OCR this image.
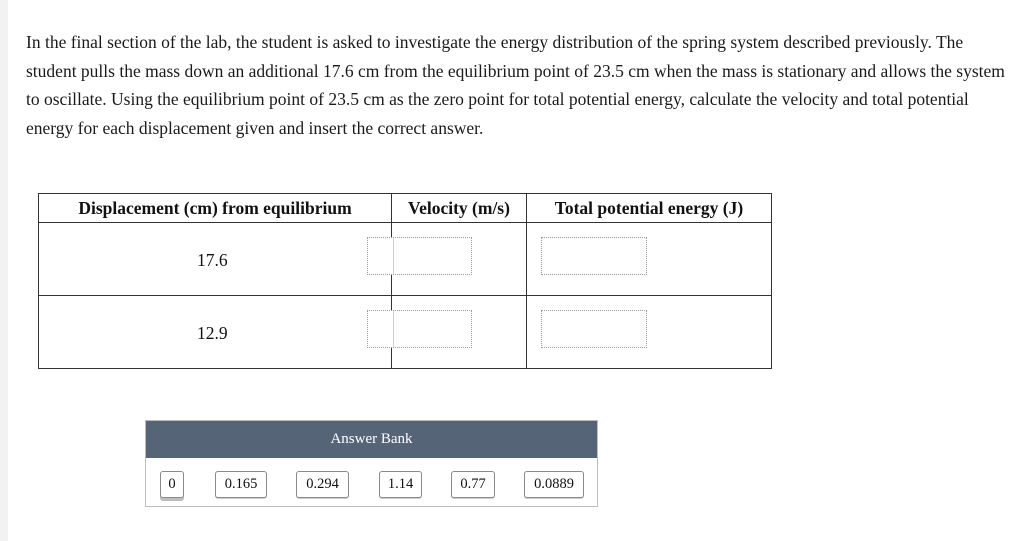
In the final section of the lab, the student is asked to investigate the energy distribution of the spring system described previously. The student pulls the mass down an additional 17.6 cm from the equilibrium point of 23.5 cm when the mass is stationary and allows the system to oscillate. Using the equilibrium point of 23.5 cm as the zero point for total potential energy, calculate the velocity and total potential energy for each displacement given and insert the correct answer.
Displacement (cm) from equilibrium	Velocity (m/s)	Total potential energy (J)

17.6		

12.9		

Answer Bank
0	0.165	0.294	1.14	0.77	0.0889
